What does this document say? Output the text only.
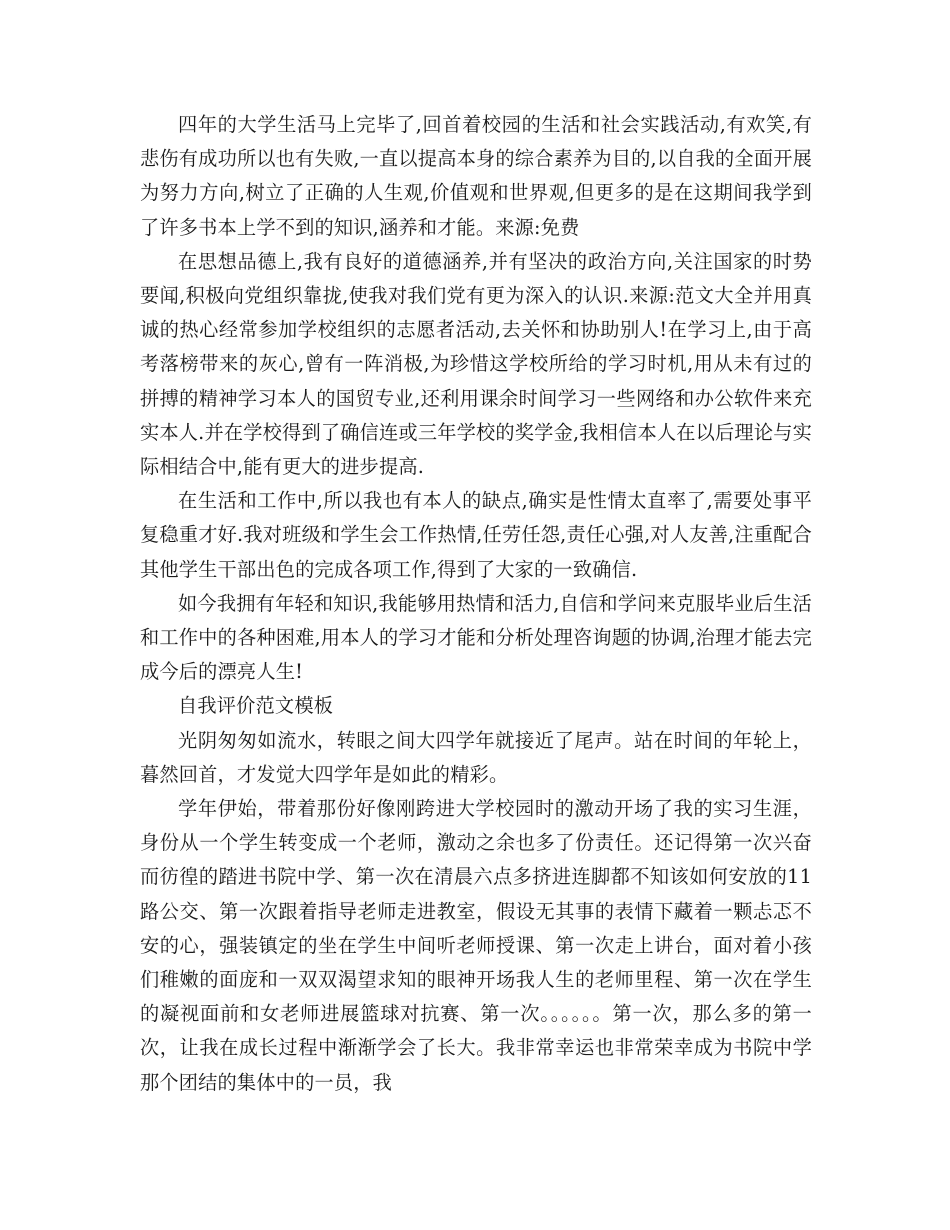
四年的大学生活马上完毕了,回首着校园的生活和社会实践活动,有欢笑,有悲伤有成功所以也有失败,一直以提高本身的综合素养为目的,以自我的全面开展为努力方向,树立了正确的人生观,价值观和世界观,但更多的是在这期间我学到了许多书本上学不到的知识,涵养和才能。来源:免费

在思想品德上,我有良好的道德涵养,并有坚决的政治方向,关注国家的时势要闻,积极向党组织靠拢,使我对我们党有更为深入的认识.来源:范文大全并用真诚的热心经常参加学校组织的志愿者活动,去关怀和协助别人!在学习上,由于高考落榜带来的灰心,曾有一阵消极,为珍惜这学校所给的学习时机,用从未有过的拼搏的精神学习本人的国贸专业,还利用课余时间学习一些网络和办公软件来充实本人.并在学校得到了确信连或三年学校的奖学金,我相信本人在以后理论与实际相结合中,能有更大的进步提高.

在生活和工作中,所以我也有本人的缺点,确实是性情太直率了,需要处事平复稳重才好.我对班级和学生会工作热情,任劳任怨,责任心强,对人友善,注重配合其他学生干部出色的完成各项工作,得到了大家的一致确信.

如今我拥有年轻和知识,我能够用热情和活力,自信和学问来克服毕业后生活和工作中的各种困难,用本人的学习才能和分析处理咨询题的协调,治理才能去完成今后的漂亮人生!

自我评价范文模板

光阴匆匆如流水，转眼之间大四学年就接近了尾声。站在时间的年轮上，暮然回首，才发觉大四学年是如此的精彩。

学年伊始，带着那份好像刚跨进大学校园时的激动开场了我的实习生涯，身份从一个学生转变成一个老师，激动之余也多了份责任。还记得第一次兴奋而彷徨的踏进书院中学、第一次在清晨六点多挤进连脚都不知该如何安放的11路公交、第一次跟着指导老师走进教室，假设无其事的表情下藏着一颗忐忑不安的心，强装镇定的坐在学生中间听老师授课、第一次走上讲台，面对着小孩们稚嫩的面庞和一双双渴望求知的眼神开场我人生的老师里程、第一次在学生的凝视面前和女老师进展篮球对抗赛、第一次。。。。。。第一次，那么多的第一次，让我在成长过程中渐渐学会了长大。我非常幸运也非常荣幸成为书院中学那个团结的集体中的一员，我
